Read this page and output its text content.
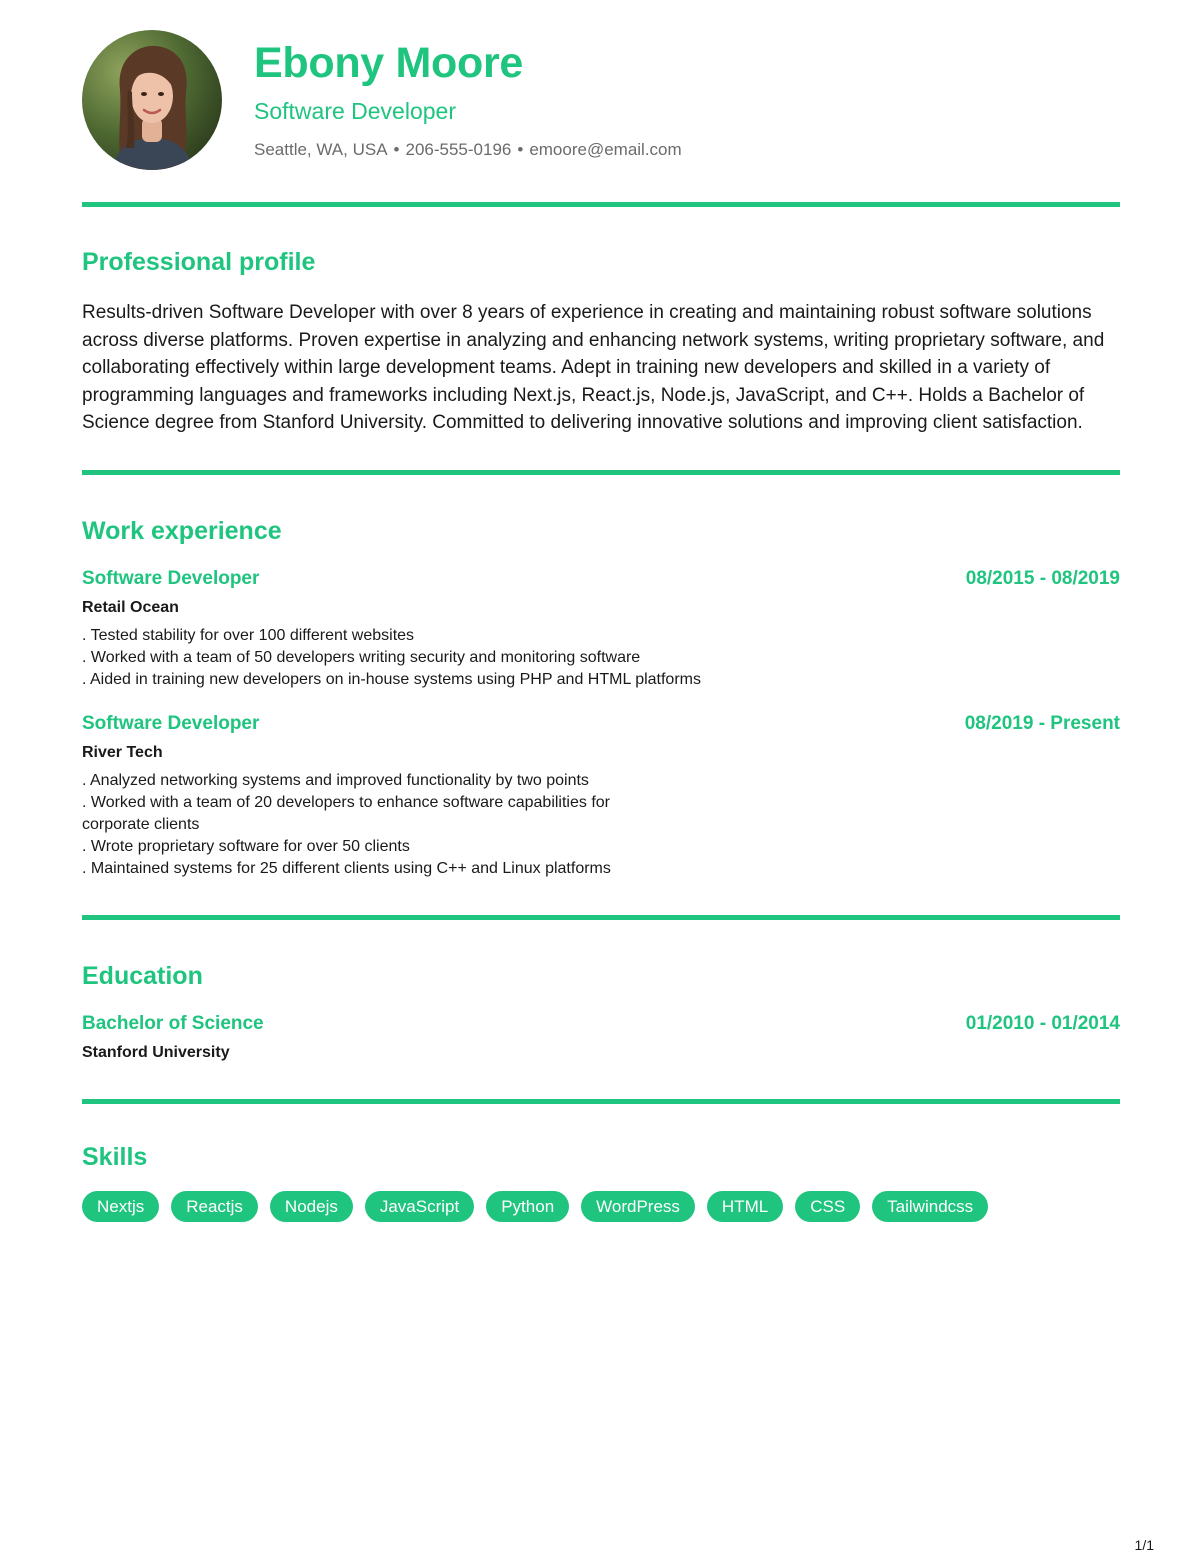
Ebony Moore
Software Developer
Seattle, WA, USA • 206-555-0196 • emoore@email.com
Professional profile
Results-driven Software Developer with over 8 years of experience in creating and maintaining robust software solutions across diverse platforms. Proven expertise in analyzing and enhancing network systems, writing proprietary software, and collaborating effectively within large development teams. Adept in training new developers and skilled in a variety of programming languages and frameworks including Next.js, React.js, Node.js, JavaScript, and C++. Holds a Bachelor of Science degree from Stanford University. Committed to delivering innovative solutions and improving client satisfaction.
Work experience
Software Developer	08/2015 - 08/2019
Retail Ocean
. Tested stability for over 100 different websites
. Worked with a team of 50 developers writing security and monitoring software
. Aided in training new developers on in-house systems using PHP and HTML platforms
Software Developer	08/2019 - Present
River Tech
. Analyzed networking systems and improved functionality by two points
. Worked with a team of 20 developers to enhance software capabilities for corporate clients
. Wrote proprietary software for over 50 clients
. Maintained systems for 25 different clients using C++ and Linux platforms
Education
Bachelor of Science	01/2010 - 01/2014
Stanford University
Skills
Nextjs	Reactjs	Nodejs	JavaScript	Python	WordPress	HTML	CSS	Tailwindcss
1/1
